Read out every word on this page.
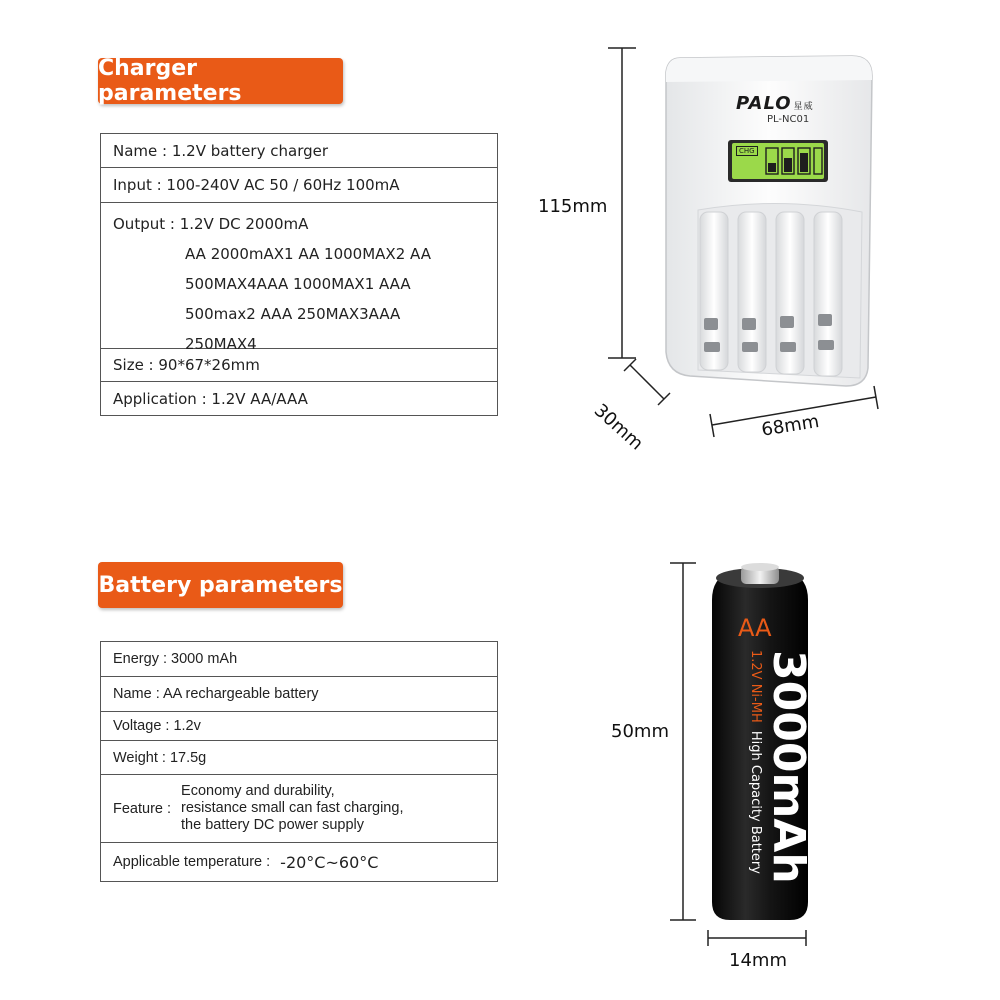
Charger parameters
Name : 1.2V battery charger
Input : 100-240V AC 50 / 60Hz 100mA
Output : 1.2V DC 2000mA
AA 2000mAX1 AA 1000MAX2 AA
500MAX4AAA 1000MAX1 AAA
500max2 AAA 250MAX3AAA
250MAX4
Size : 90*67*26mm
Application : 1.2V AA/AAA
Battery parameters
Energy : 3000 mAh
Name : AA rechargeable battery
Voltage : 1.2v
Weight : 17.5g
Feature :
Economy and durability,
resistance small can fast charging,
the battery DC power supply
Applicable temperature : -20°C~60°C
PALO 星威
PL-NC01
CHG
115mm
30mm	68mm
AA
3000mAh
1.2V Ni-MH High Capacity Battery
50mm
14mm
